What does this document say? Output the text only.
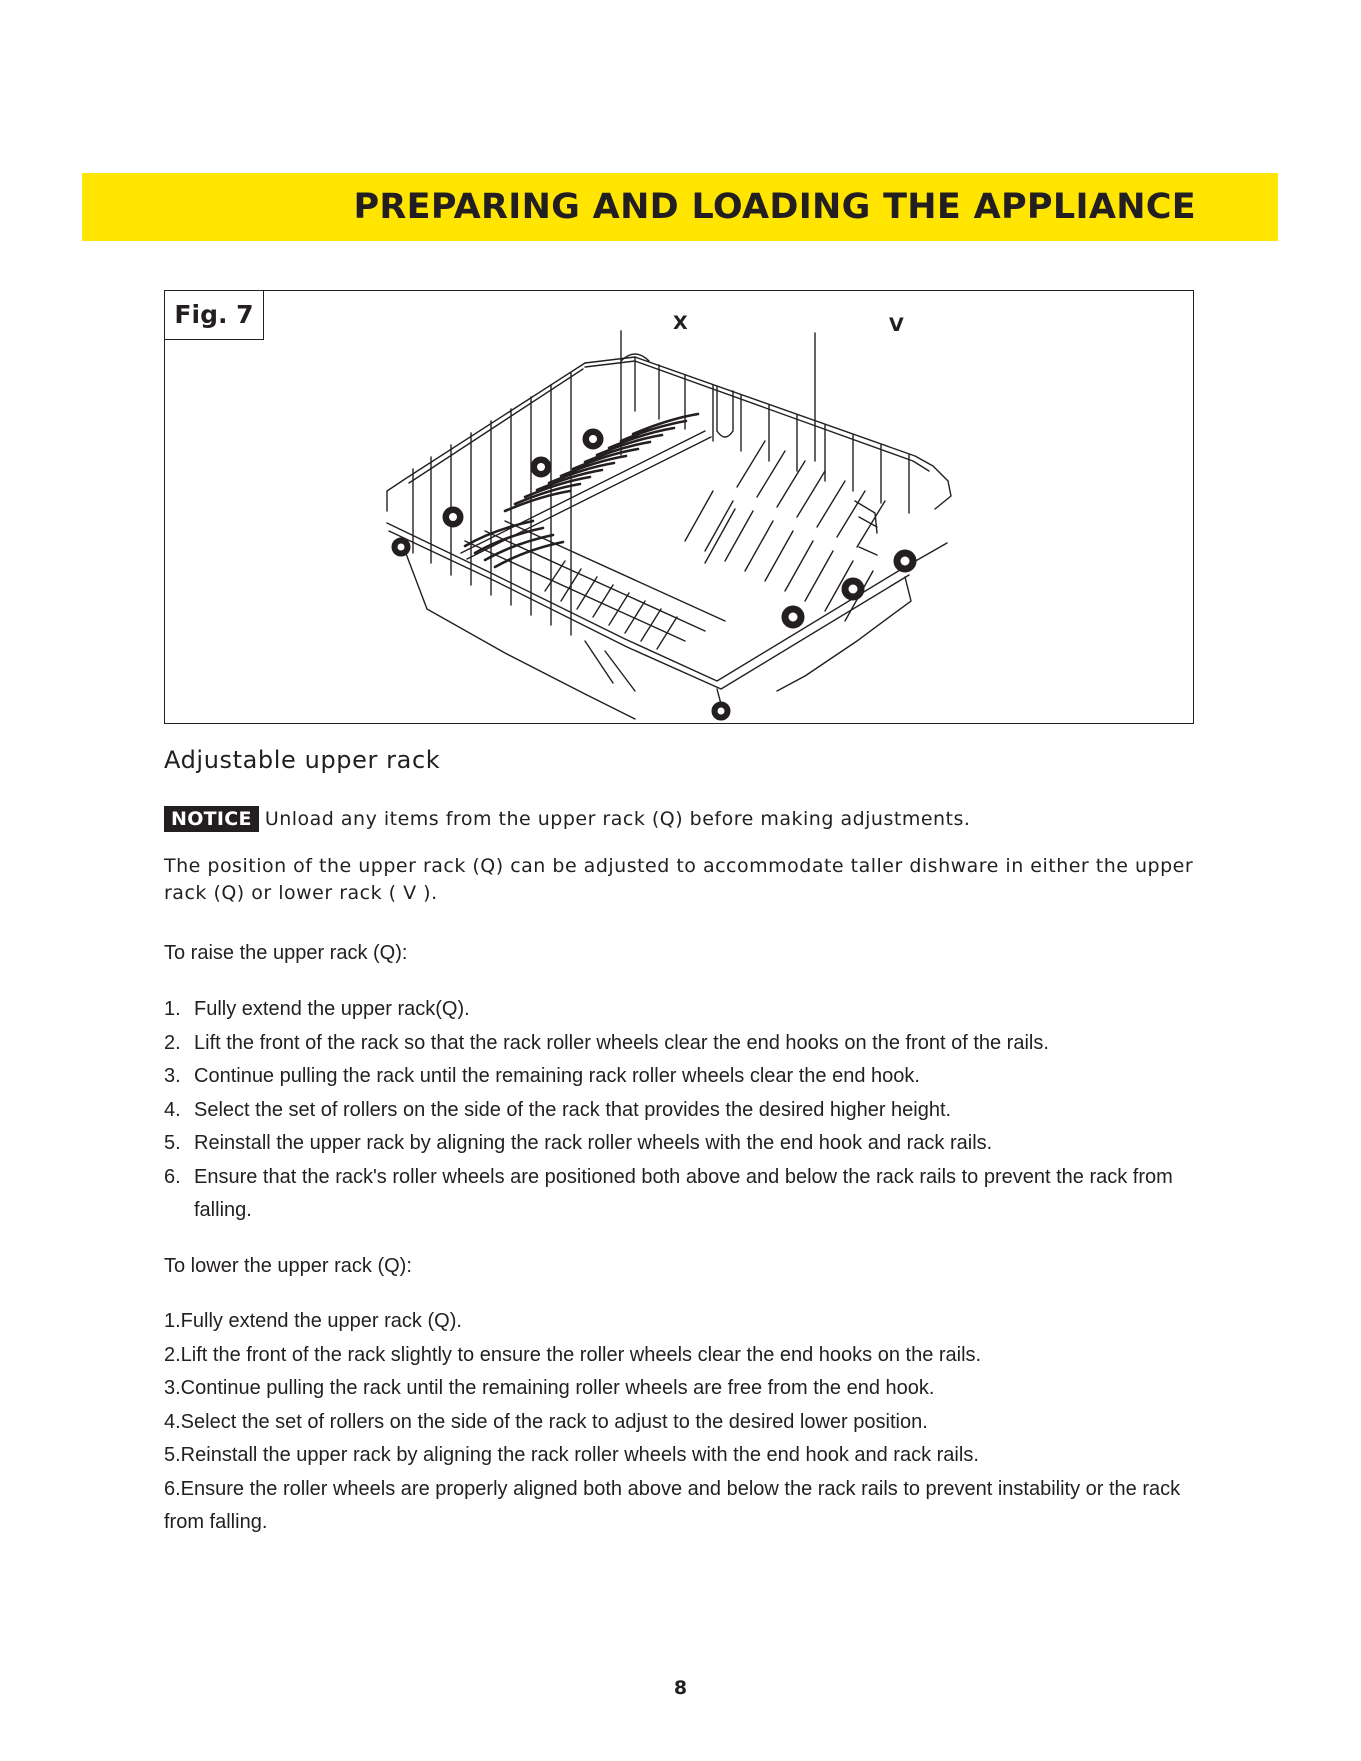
PREPARING AND LOADING THE APPLIANCE
Fig. 7	X	V
Adjustable upper rack
NOTICE Unload any items from the upper rack (Q) before making adjustments.
The position of the upper rack (Q) can be adjusted to accommodate taller dishware in either the upper rack (Q) or lower rack ( V ).
To raise the upper rack (Q):
1. Fully extend the upper rack(Q).
2. Lift the front of the rack so that the rack roller wheels clear the end hooks on the front of the rails.
3. Continue pulling the rack until the remaining rack roller wheels clear the end hook.
4. Select the set of rollers on the side of the rack that provides the desired higher height.
5. Reinstall the upper rack by aligning the rack roller wheels with the end hook and rack rails.
6. Ensure that the rack's roller wheels are positioned both above and below the rack rails to prevent the rack from falling.
To lower the upper rack (Q):
1.Fully extend the upper rack (Q).
2.Lift the front of the rack slightly to ensure the roller wheels clear the end hooks on the rails.
3.Continue pulling the rack until the remaining roller wheels are free from the end hook.
4.Select the set of rollers on the side of the rack to adjust to the desired lower position.
5.Reinstall the upper rack by aligning the rack roller wheels with the end hook and rack rails.
6.Ensure the roller wheels are properly aligned both above and below the rack rails to prevent instability or the rack from falling.
8
